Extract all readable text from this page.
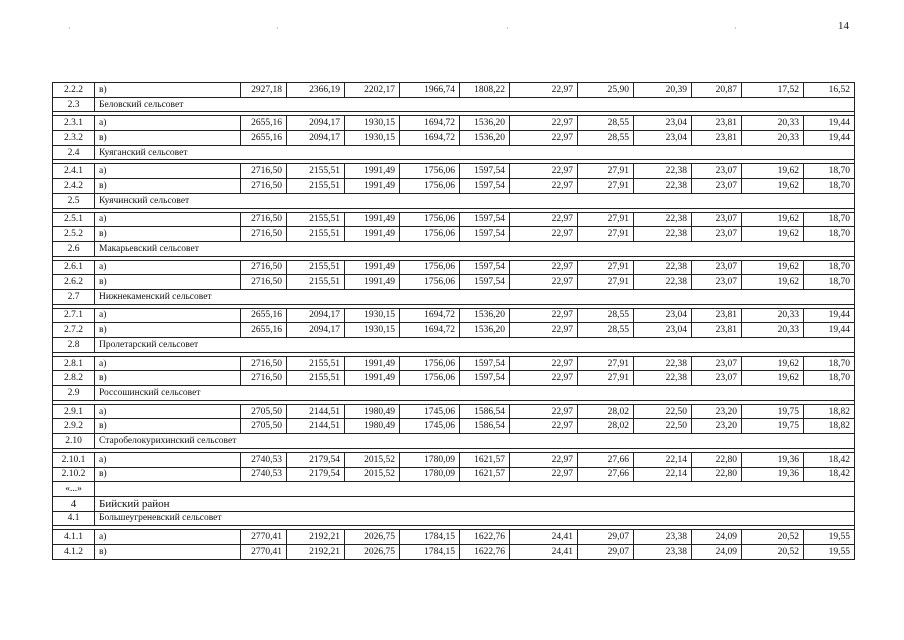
·	·	·	·	14
2.2.2	в)	2927,18	2366,19	2202,17	1966,74	1808,22	22,97	25,90	20,39	20,87	17,52	16,52
2.3	Беловский сельсовет											

2.3.1	а)	2655,16	2094,17	1930,15	1694,72	1536,20	22,97	28,55	23,04	23,81	20,33	19,44
2.3.2	в)	2655,16	2094,17	1930,15	1694,72	1536,20	22,97	28,55	23,04	23,81	20,33	19,44
2.4	Куяганский сельсовет											

2.4.1	а)	2716,50	2155,51	1991,49	1756,06	1597,54	22,97	27,91	22,38	23,07	19,62	18,70
2.4.2	в)	2716,50	2155,51	1991,49	1756,06	1597,54	22,97	27,91	22,38	23,07	19,62	18,70
2.5	Куячинский сельсовет											

2.5.1	а)	2716,50	2155,51	1991,49	1756,06	1597,54	22,97	27,91	22,38	23,07	19,62	18,70
2.5.2	в)	2716,50	2155,51	1991,49	1756,06	1597,54	22,97	27,91	22,38	23,07	19,62	18,70
2.6	Макарьевский сельсовет											

2.6.1	а)	2716,50	2155,51	1991,49	1756,06	1597,54	22,97	27,91	22,38	23,07	19,62	18,70
2.6.2	в)	2716,50	2155,51	1991,49	1756,06	1597,54	22,97	27,91	22,38	23,07	19,62	18,70
2.7	Нижнекаменский сельсовет											

2.7.1	а)	2655,16	2094,17	1930,15	1694,72	1536,20	22,97	28,55	23,04	23,81	20,33	19,44
2.7.2	в)	2655,16	2094,17	1930,15	1694,72	1536,20	22,97	28,55	23,04	23,81	20,33	19,44
2.8	Пролетарский сельсовет											

2.8.1	а)	2716,50	2155,51	1991,49	1756,06	1597,54	22,97	27,91	22,38	23,07	19,62	18,70
2.8.2	в)	2716,50	2155,51	1991,49	1756,06	1597,54	22,97	27,91	22,38	23,07	19,62	18,70
2.9	Россошинский сельсовет											

2.9.1	а)	2705,50	2144,51	1980,49	1745,06	1586,54	22,97	28,02	22,50	23,20	19,75	18,82
2.9.2	в)	2705,50	2144,51	1980,49	1745,06	1586,54	22,97	28,02	22,50	23,20	19,75	18,82
2.10	Старобелокурихинский сельсовет											

2.10.1	а)	2740,53	2179,54	2015,52	1780,09	1621,57	22,97	27,66	22,14	22,80	19,36	18,42
2.10.2	в)	2740,53	2179,54	2015,52	1780,09	1621,57	22,97	27,66	22,14	22,80	19,36	18,42
«...»												
4	Бийский район											
4.1	Большеугреневский сельсовет											

4.1.1	а)	2770,41	2192,21	2026,75	1784,15	1622,76	24,41	29,07	23,38	24,09	20,52	19,55
4.1.2	в)	2770,41	2192,21	2026,75	1784,15	1622,76	24,41	29,07	23,38	24,09	20,52	19,55
